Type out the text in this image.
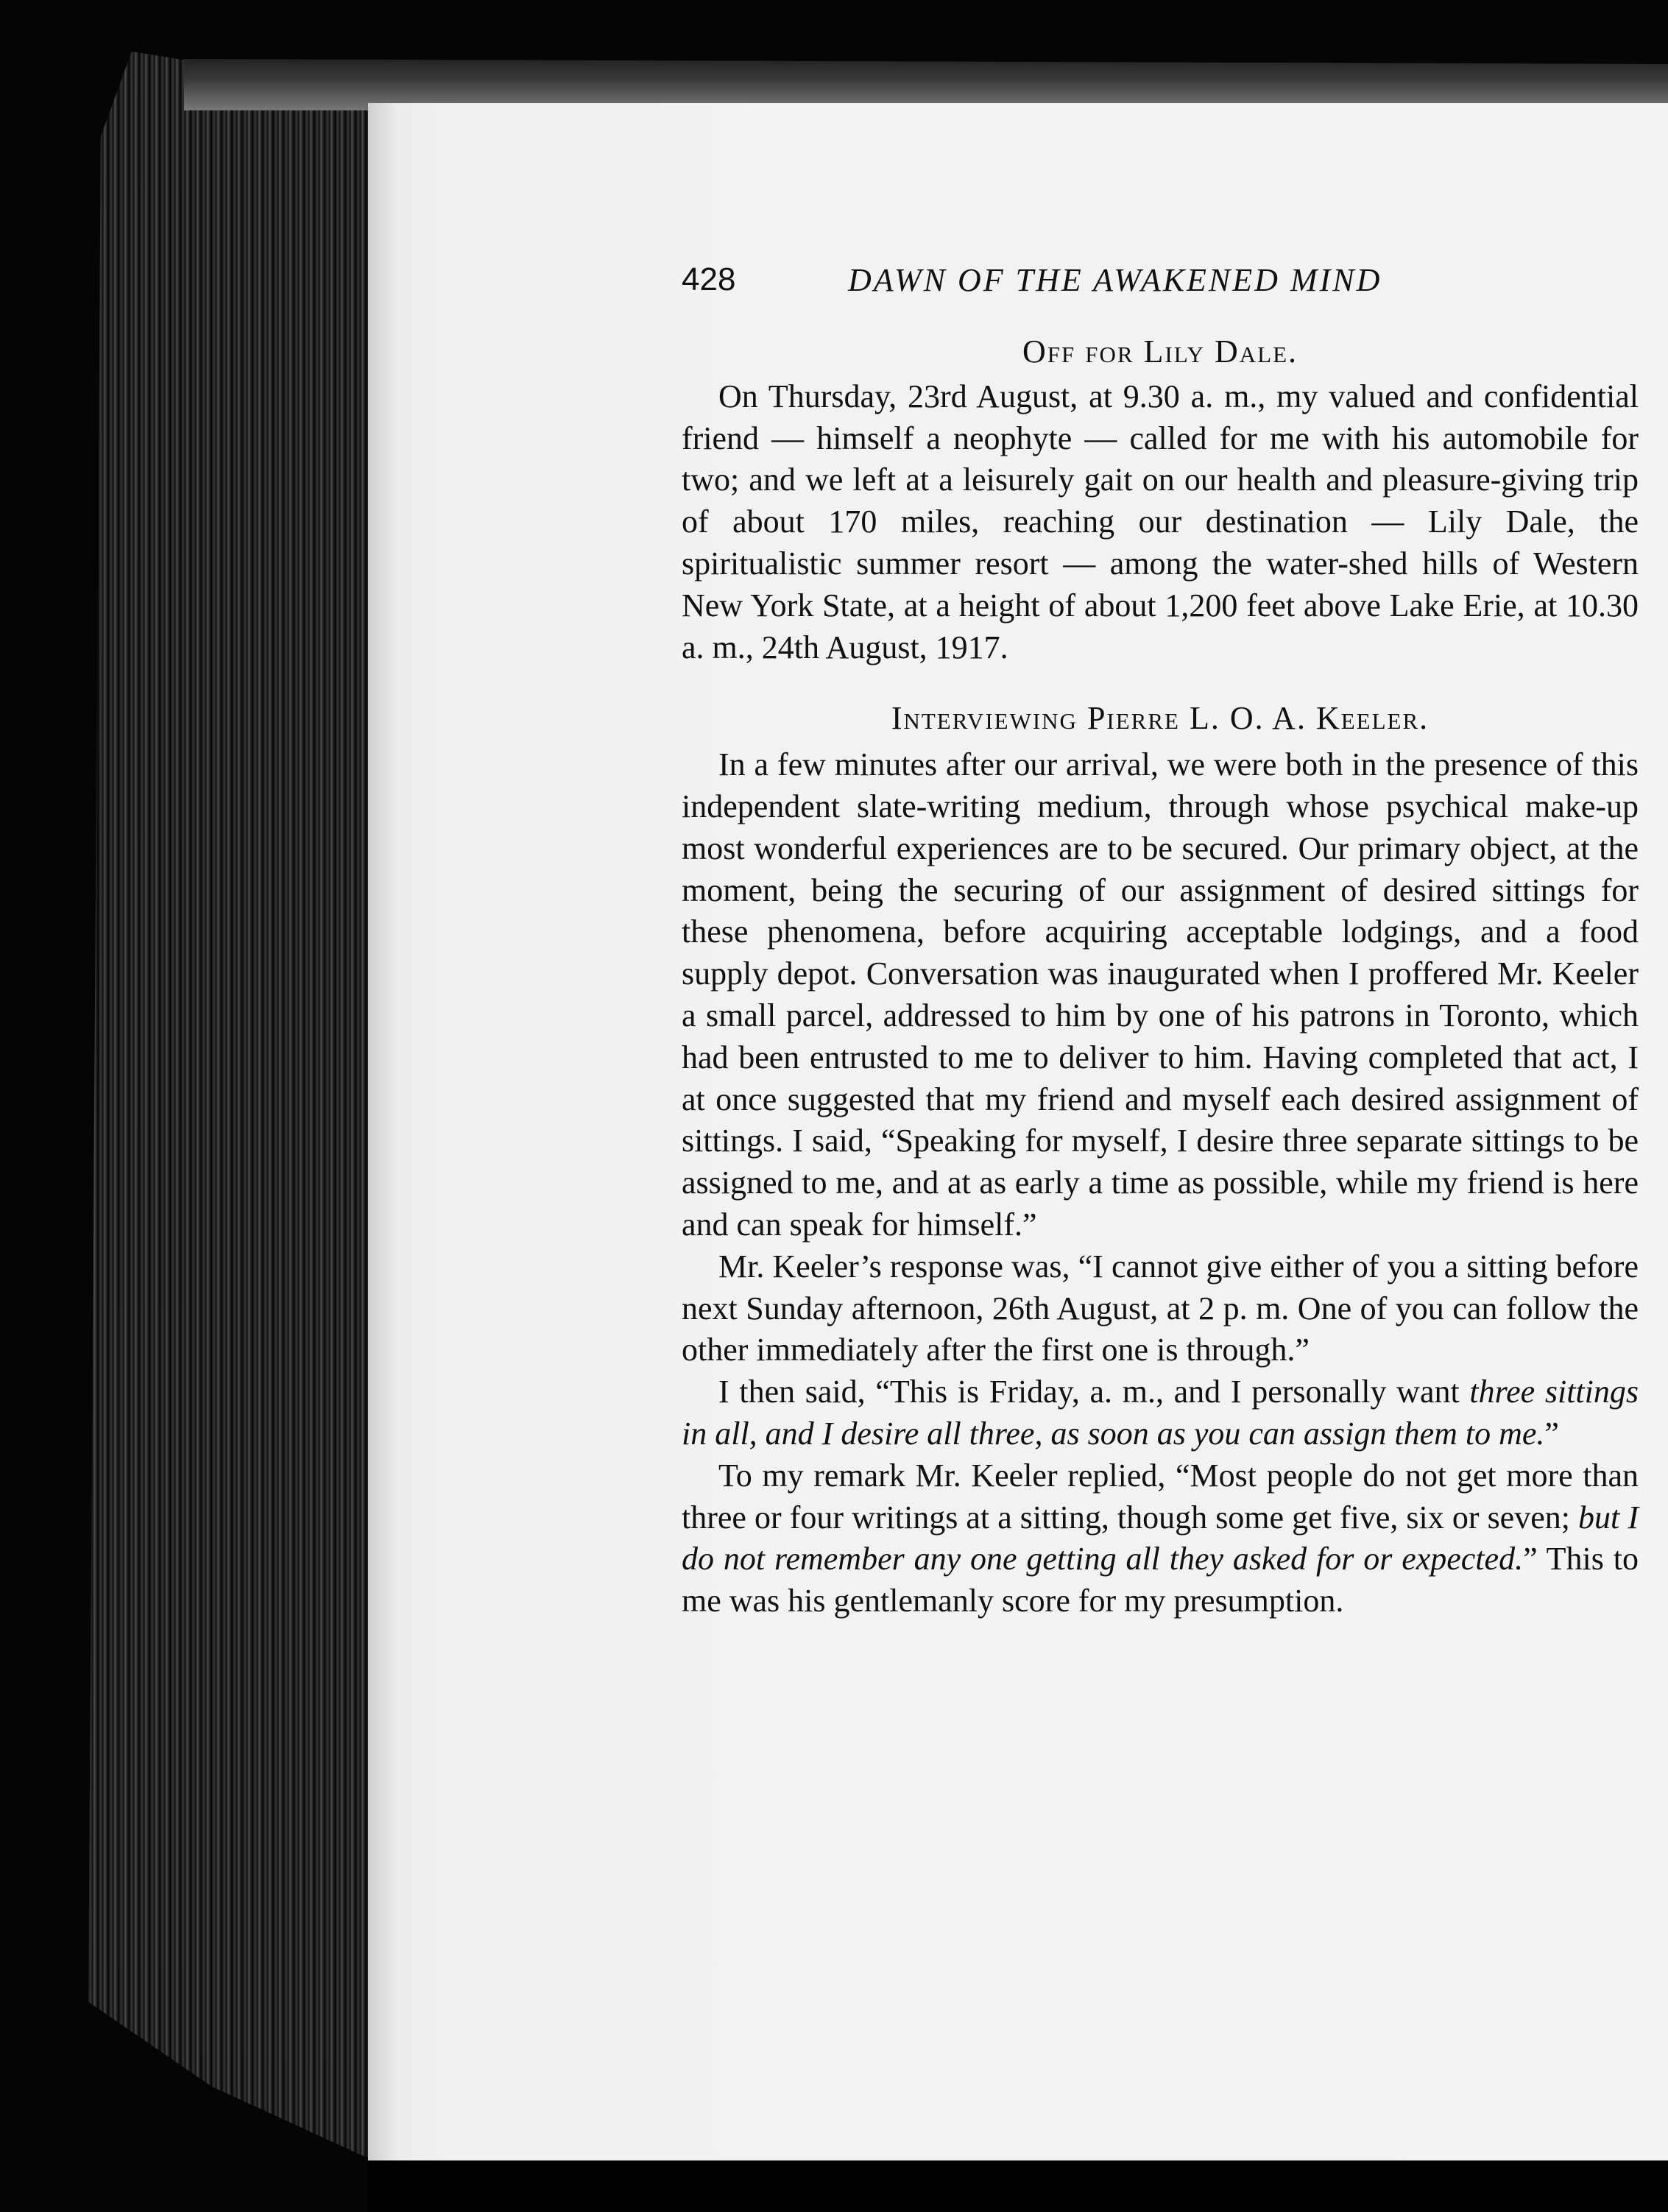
428	DAWN OF THE AWAKENED MIND
Off for Lily Dale.

On Thursday, 23rd August, at 9.30 a. m., my valued and confidential friend — himself a neophyte — called for me with his automobile for two; and we left at a leisurely gait on our health and pleasure-giving trip of about 170 miles, reaching our destination — Lily Dale, the spiritualistic summer resort — among the water-shed hills of Western New York State, at a height of about 1,200 feet above Lake Erie, at 10.30 a. m., 24th August, 1917.

Interviewing Pierre L. O. A. Keeler.

In a few minutes after our arrival, we were both in the presence of this independent slate-writing medium, through whose psychical make-up most wonderful experiences are to be secured. Our primary object, at the moment, being the securing of our assignment of desired sittings for these phenomena, before acquiring acceptable lodgings, and a food supply depot. Conversation was inaugurated when I proffered Mr. Keeler a small parcel, addressed to him by one of his patrons in Toronto, which had been entrusted to me to deliver to him. Having completed that act, I at once suggested that my friend and myself each desired assignment of sittings. I said, “Speaking for myself, I desire three separate sittings to be assigned to me, and at as early a time as possible, while my friend is here and can speak for himself.”

Mr. Keeler’s response was, “I cannot give either of you a sitting before next Sunday afternoon, 26th August, at 2 p. m. One of you can follow the other immediately after the first one is through.”

I then said, “This is Friday, a. m., and I personally want three sittings in all, and I desire all three, as soon as you can assign them to me.”

To my remark Mr. Keeler replied, “Most people do not get more than three or four writings at a sitting, though some get five, six or seven; but I do not remember any one getting all they asked for or expected.” This to me was his gentlemanly score for my presumption.
